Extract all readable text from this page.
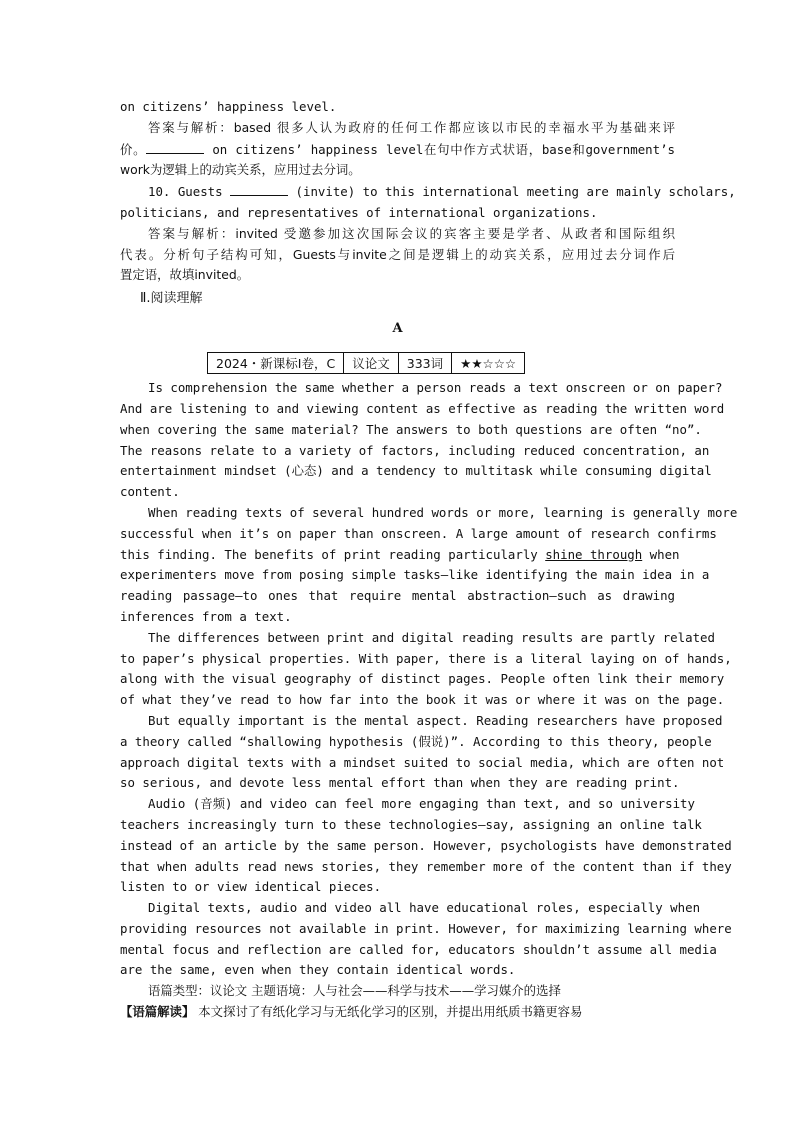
on citizens’ happiness level.
答案与解析：based 很多人认为政府的任何工作都应该以市民的幸福水平为基础来评
价。	on citizens’ happiness level在句中作方式状语，base和government’s
work为逻辑上的动宾关系，应用过去分词。
10. Guests	(invite) to this international meeting are mainly scholars,
politicians, and representatives of international organizations.
答案与解析：invited 受邀参加这次国际会议的宾客主要是学者、从政者和国际组织
代表。分析句子结构可知，Guests与invite之间是逻辑上的动宾关系，应用过去分词作后
置定语，故填invited。
Ⅱ.阅读理解
A
2024・新课标Ⅰ卷，C	议论文	333词	★★☆☆☆
Is comprehension the same whether a person reads a text onscreen or on paper?
And are listening to and viewing content as effective as reading the written word
when covering the same material? The answers to both questions are often “no”.
The reasons relate to a variety of factors, including reduced concentration, an
entertainment mindset (心态) and a tendency to multitask while consuming digital
content.
When reading texts of several hundred words or more, learning is generally more
successful when it’s on paper than onscreen. A large amount of research confirms
this finding. The benefits of print reading particularly shine through when
experimenters move from posing simple tasks—like identifying the main idea in a
reading passage—to ones that require mental abstraction—such as drawing
inferences from a text.
The differences between print and digital reading results are partly related
to paper’s physical properties. With paper, there is a literal laying on of hands,
along with the visual geography of distinct pages. People often link their memory
of what they’ve read to how far into the book it was or where it was on the page.
But equally important is the mental aspect. Reading researchers have proposed
a theory called “shallowing hypothesis (假说)”. According to this theory, people
approach digital texts with a mindset suited to social media, which are often not
so serious, and devote less mental effort than when they are reading print.
Audio (音频) and video can feel more engaging than text, and so university
teachers increasingly turn to these technologies—say, assigning an online talk
instead of an article by the same person. However, psychologists have demonstrated
that when adults read news stories, they remember more of the content than if they
listen to or view identical pieces.
Digital texts, audio and video all have educational roles, especially when
providing resources not available in print. However, for maximizing learning where
mental focus and reflection are called for, educators shouldn’t assume all media
are the same, even when they contain identical words.
语篇类型：议论文 主题语境：人与社会——科学与技术——学习媒介的选择
【语篇解读】 本文探讨了有纸化学习与无纸化学习的区别，并提出用纸质书籍更容易
